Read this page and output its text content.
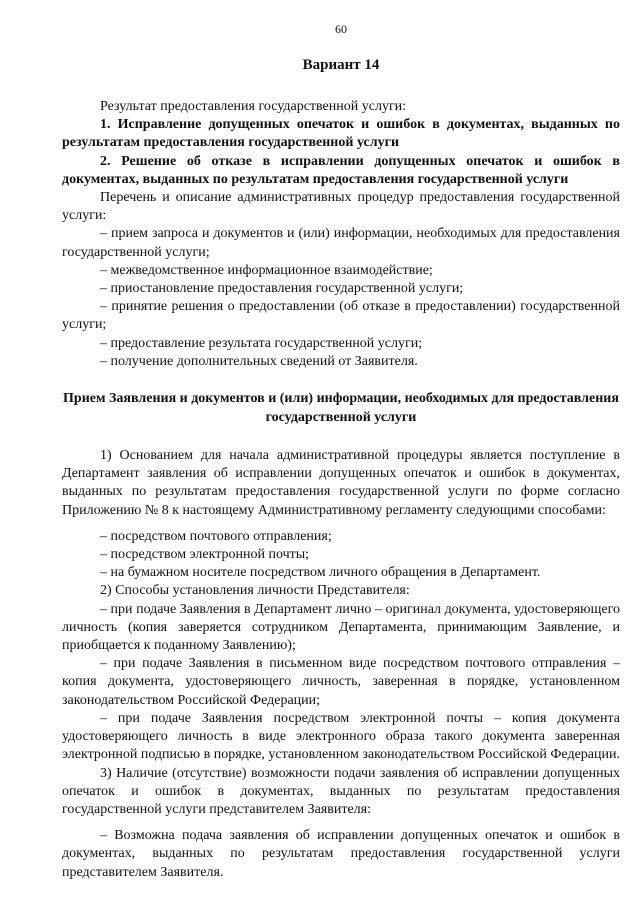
60
Вариант 14

Результат предоставления государственной услуги:

1. Исправление допущенных опечаток и ошибок в документах, выданных по результатам предоставления государственной услуги

2. Решение об отказе в исправлении допущенных опечаток и ошибок в документах, выданных по результатам предоставления государственной услуги

Перечень и описание административных процедур предоставления государственной услуги:

– прием запроса и документов и (или) информации, необходимых для предоставления государственной услуги;

– межведомственное информационное взаимодействие;

– приостановление предоставления государственной услуги;

– принятие решения о предоставлении (об отказе в предоставлении) государственной услуги;

– предоставление результата государственной услуги;

– получение дополнительных сведений от Заявителя.

Прием Заявления и документов и (или) информации, необходимых для предоставления государственной услуги

1) Основанием для начала административной процедуры является поступление в Департамент заявления об исправлении допущенных опечаток и ошибок в документах, выданных по результатам предоставления государственной услуги по форме согласно Приложению № 8 к настоящему Административному регламенту следующими способами:

– посредством почтового отправления;

– посредством электронной почты;

– на бумажном носителе посредством личного обращения в Департамент.

2) Способы установления личности Представителя:

– при подаче Заявления в Департамент лично – оригинал документа, удостоверяющего личность (копия заверяется сотрудником Департамента, принимающим Заявление, и приобщается к поданному Заявлению);

– при подаче Заявления в письменном виде посредством почтового отправления – копия документа, удостоверяющего личность, заверенная в порядке, установленном законодательством Российской Федерации;

– при подаче Заявления посредством электронной почты – копия документа удостоверяющего личность в виде электронного образа такого документа заверенная электронной подписью в порядке, установленном законодательством Российской Федерации.

3) Наличие (отсутствие) возможности подачи заявления об исправлении допущенных опечаток и ошибок в документах, выданных по результатам предоставления государственной услуги представителем Заявителя:

– Возможна подача заявления об исправлении допущенных опечаток и ошибок в документах, выданных по результатам предоставления государственной услуги представителем Заявителя.
